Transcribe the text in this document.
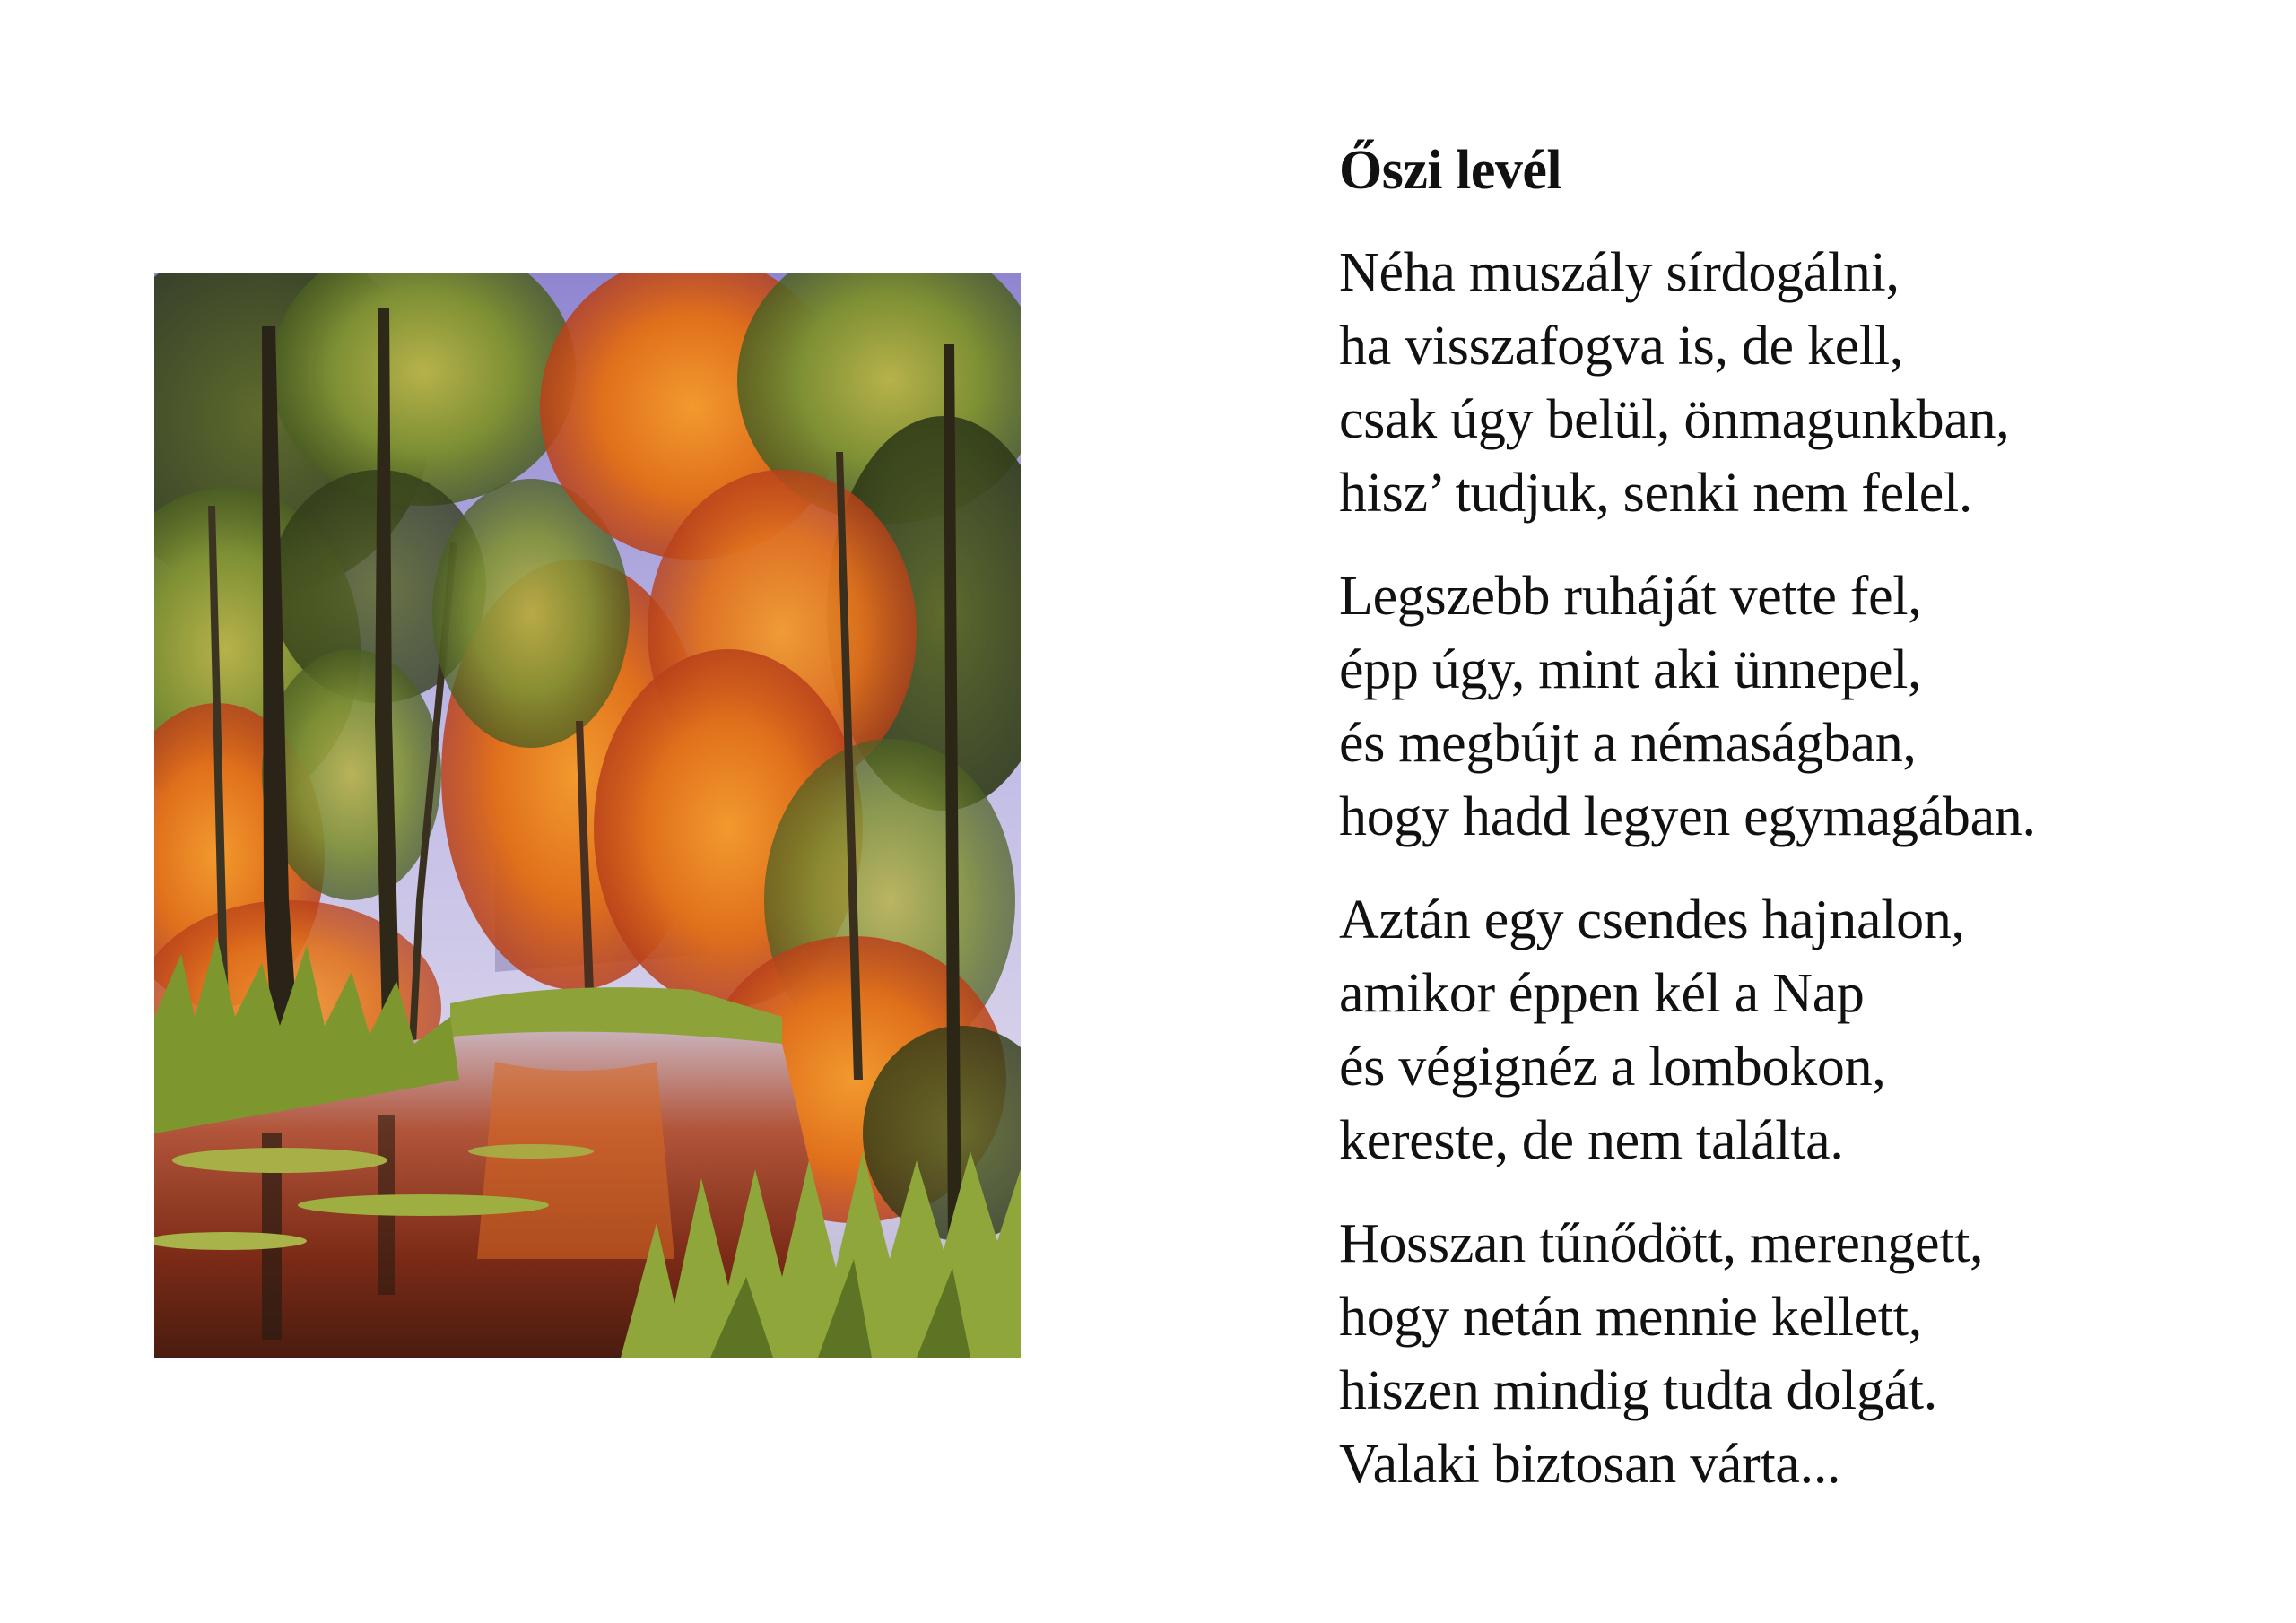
Őszi levél
Néha muszály sírdogálni,
ha visszafogva is, de kell,
csak úgy belül, önmagunkban,
hisz’ tudjuk, senki nem felel.
Legszebb ruháját vette fel,
épp úgy, mint aki ünnepel,
és megbújt a némaságban,
hogy hadd legyen egymagában.
Aztán egy csendes hajnalon,
amikor éppen kél a Nap
és végignéz a lombokon,
kereste, de nem találta.
Hosszan tűnődött, merengett,
hogy netán mennie kellett,
hiszen mindig tudta dolgát.
Valaki biztosan várta...
